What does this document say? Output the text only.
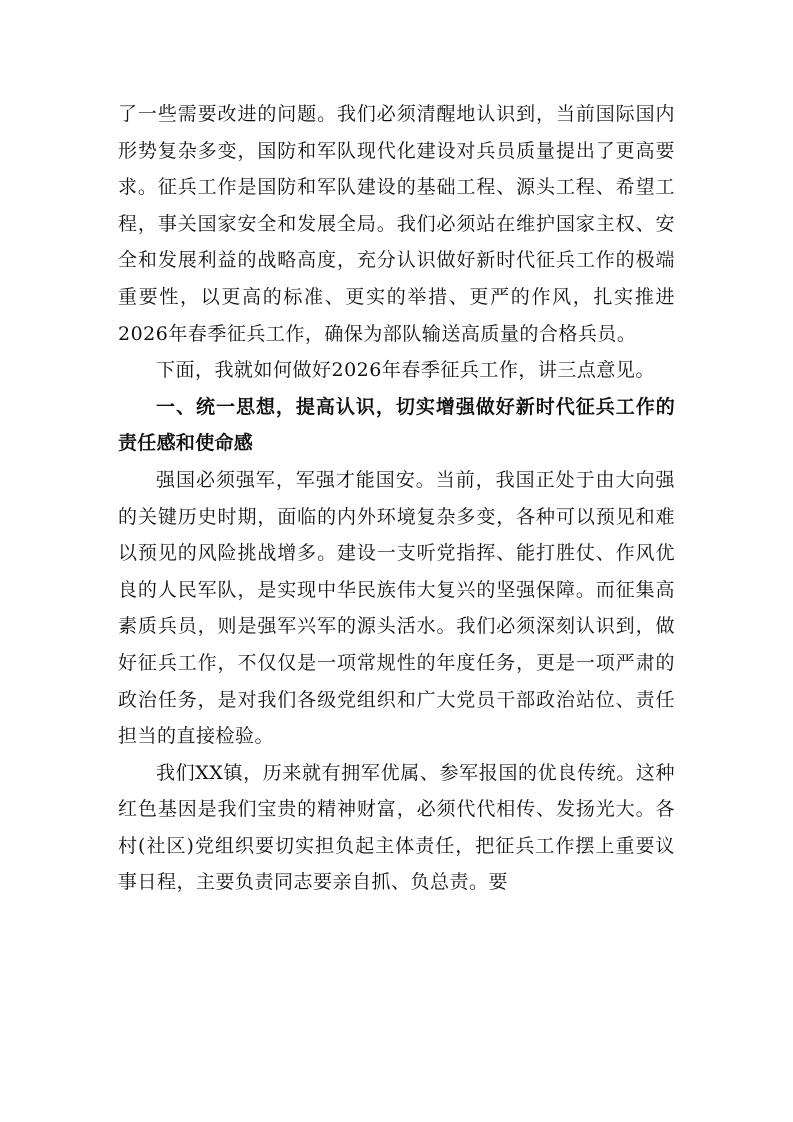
了一些需要改进的问题。我们必须清醒地认识到，当前国际国内形势复杂多变，国防和军队现代化建设对兵员质量提出了更高要求。征兵工作是国防和军队建设的基础工程、源头工程、希望工程，事关国家安全和发展全局。我们必须站在维护国家主权、安全和发展利益的战略高度，充分认识做好新时代征兵工作的极端重要性，以更高的标准、更实的举措、更严的作风，扎实推进2026年春季征兵工作，确保为部队输送高质量的合格兵员。

下面，我就如何做好2026年春季征兵工作，讲三点意见。

一、统一思想，提高认识，切实增强做好新时代征兵工作的责任感和使命感

强国必须强军，军强才能国安。当前，我国正处于由大向强的关键历史时期，面临的内外环境复杂多变，各种可以预见和难以预见的风险挑战增多。建设一支听党指挥、能打胜仗、作风优良的人民军队，是实现中华民族伟大复兴的坚强保障。而征集高素质兵员，则是强军兴军的源头活水。我们必须深刻认识到，做好征兵工作，不仅仅是一项常规性的年度任务，更是一项严肃的政治任务，是对我们各级党组织和广大党员干部政治站位、责任担当的直接检验。

我们XX镇，历来就有拥军优属、参军报国的优良传统。这种红色基因是我们宝贵的精神财富，必须代代相传、发扬光大。各村(社区)党组织要切实担负起主体责任，把征兵工作摆上重要议事日程，主要负责同志要亲自抓、负总责。要
